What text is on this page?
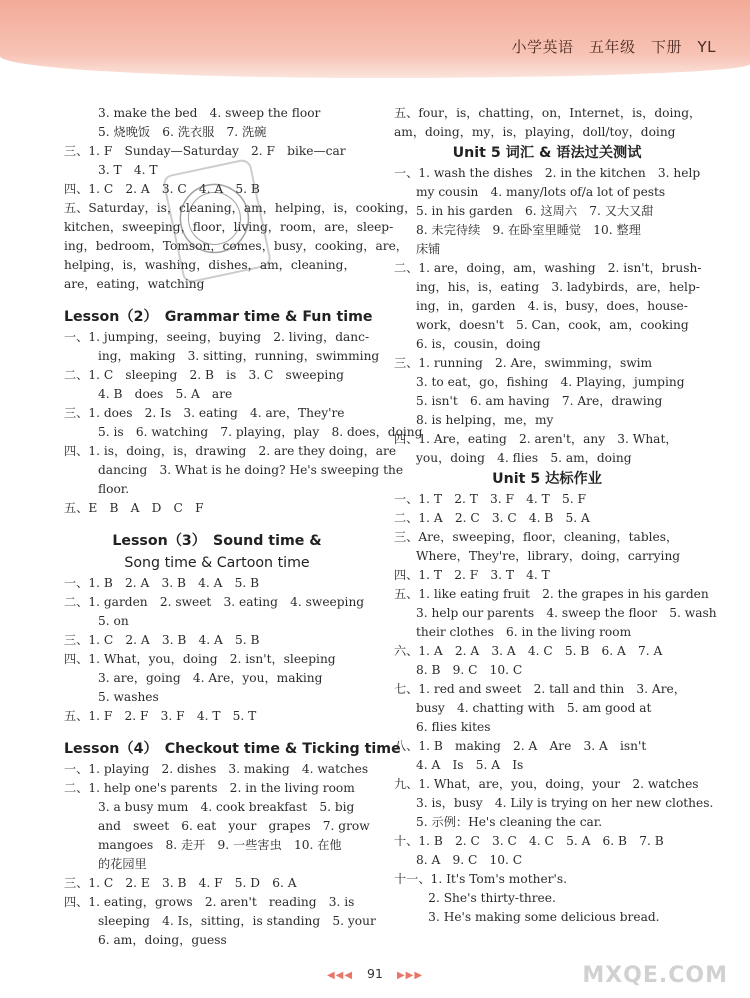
小学英语　五年级　下册　YL
3. make the bed　4. sweep the floor
5. 烧晚饭　6. 洗衣服　7. 洗碗
三、1. F　Sunday—Saturday　2. F　bike—car
3. T　4. T
四、1. C　2. A　3. C　4. A　5. B
五、Saturday，is，cleaning，am，helping，is，cooking，
kitchen，sweeping，floor，living，room，are，sleep-
ing，bedroom，Tomson，comes，busy，cooking，are，
helping，is，washing，dishes，am，cleaning，
are，eating，watching
Lesson（2）　Grammar time & Fun time
一、1. jumping，seeing，buying　2. living，danc-
ing，making　3. sitting，running，swimming
二、1. C　sleeping　2. B　is　3. C　sweeping
4. B　does　5. A　are
三、1. does　2. Is　3. eating　4. are，They're
5. is　6. watching　7. playing，play　8. does，doing
四、1. is，doing，is，drawing　2. are they doing，are
dancing　3. What is he doing? He's sweeping the
floor.
五、E　B　A　D　C　F
Lesson（3）　Sound time &
Song time & Cartoon time
一、1. B　2. A　3. B　4. A　5. B
二、1. garden　2. sweet　3. eating　4. sweeping
5. on
三、1. C　2. A　3. B　4. A　5. B
四、1. What，you，doing　2. isn't，sleeping
3. are，going　4. Are，you，making
5. washes
五、1. F　2. F　3. F　4. T　5. T
Lesson（4）　Checkout time & Ticking time
一、1. playing　2. dishes　3. making　4. watches
二、1. help one's parents　2. in the living room
3. a busy mum　4. cook breakfast　5. big
and　sweet　6. eat　your　grapes　7. grow
mangoes　8. 走开　9. 一些害虫　10. 在他
的花园里
三、1. C　2. E　3. B　4. F　5. D　6. A
四、1. eating，grows　2. aren't　reading　3. is
sleeping　4. Is，sitting，is standing　5. your
6. am，doing，guess
五、four，is，chatting，on，Internet，is，doing，
am，doing，my，is，playing，doll/toy，doing
Unit 5 词汇 & 语法过关测试
一、1. wash the dishes　2. in the kitchen　3. help
my cousin　4. many/lots of/a lot of pests
5. in his garden　6. 这周六　7. 又大又甜
8. 未完待续　9. 在卧室里睡觉　10. 整理
床铺
二、1. are，doing，am，washing　2. isn't，brush-
ing，his，is，eating　3. ladybirds，are，help-
ing，in，garden　4. is，busy，does，house-
work，doesn't　5. Can，cook，am，cooking
6. is，cousin，doing
三、1. running　2. Are，swimming，swim
3. to eat，go，fishing　4. Playing，jumping
5. isn't　6. am having　7. Are，drawing
8. is helping，me，my
四、1. Are，eating　2. aren't，any　3. What，
you，doing　4. flies　5. am，doing
Unit 5 达标作业
一、1. T　2. T　3. F　4. T　5. F
二、1. A　2. C　3. C　4. B　5. A
三、Are，sweeping，floor，cleaning，tables，
Where，They're，library，doing，carrying
四、1. T　2. F　3. T　4. T
五、1. like eating fruit　2. the grapes in his garden
3. help our parents　4. sweep the floor　5. wash
their clothes　6. in the living room
六、1. A　2. A　3. A　4. C　5. B　6. A　7. A
8. B　9. C　10. C
七、1. red and sweet　2. tall and thin　3. Are，
busy　4. chatting with　5. am good at
6. flies kites
八、1. B　making　2. A　Are　3. A　isn't
4. A　Is　5. A　Is
九、1. What，are，you，doing，your　2. watches
3. is，busy　4. Lily is trying on her new clothes.
5. 示例：He's cleaning the car.
十、1. B　2. C　3. C　4. C　5. A　6. B　7. B
8. A　9. C　10. C
十一、1. It's Tom's mother's.
　2. She's thirty-three.
　3. He's making some delicious bread.
◀◀◀ 91 ▶▶▶	MXQE.COM
